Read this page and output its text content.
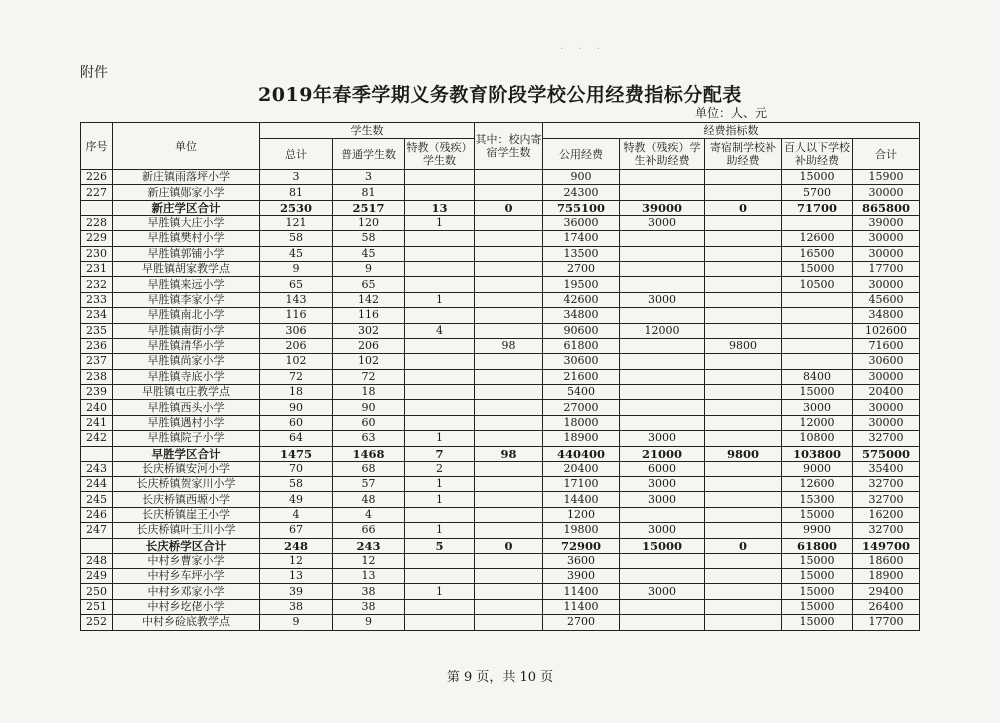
· · ·
附件
2019年春季学期义务教育阶段学校公用经费指标分配表
单位：人、元
序号	单位	学生数			其中：校内寄宿学生数	经费指标数				
		总计	普通学生数	特教（残疾）学生数		公用经费	特教（残疾）学生补助经费	寄宿制学校补助经费	百人以下学校补助经费	合计
226	新庄镇雨落坪小学	3	3			900			15000	15900
227	新庄镇郧家小学	81	81			24300			5700	30000
	新庄学区合计	2530	2517	13	0	755100	39000	0	71700	865800
228	早胜镇大庄小学	121	120	1		36000	3000			39000
229	早胜镇樊村小学	58	58			17400			12600	30000
230	早胜镇郭铺小学	45	45			13500			16500	30000
231	早胜镇胡家教学点	9	9			2700			15000	17700
232	早胜镇来远小学	65	65			19500			10500	30000
233	早胜镇李家小学	143	142	1		42600	3000			45600
234	早胜镇南北小学	116	116			34800				34800
235	早胜镇南街小学	306	302	4		90600	12000			102600
236	早胜镇清华小学	206	206		98	61800		9800		71600
237	早胜镇尚家小学	102	102			30600				30600
238	早胜镇寺底小学	72	72			21600			8400	30000
239	早胜镇屯庄教学点	18	18			5400			15000	20400
240	早胜镇西头小学	90	90			27000			3000	30000
241	早胜镇遇村小学	60	60			18000			12000	30000
242	早胜镇院子小学	64	63	1		18900	3000		10800	32700
	早胜学区合计	1475	1468	7	98	440400	21000	9800	103800	575000
243	长庆桥镇安河小学	70	68	2		20400	6000		9000	35400
244	长庆桥镇贺家川小学	58	57	1		17100	3000		12600	32700
245	长庆桥镇西塬小学	49	48	1		14400	3000		15300	32700
246	长庆桥镇崖王小学	4	4			1200			15000	16200
247	长庆桥镇叶王川小学	67	66	1		19800	3000		9900	32700
	长庆桥学区合计	248	243	5	0	72900	15000	0	61800	149700
248	中村乡曹家小学	12	12			3600			15000	18600
249	中村乡车坪小学	13	13			3900			15000	18900
250	中村乡邓家小学	39	38	1		11400	3000		15000	29400
251	中村乡圪佬小学	38	38			11400			15000	26400
252	中村乡硷底教学点	9	9			2700			15000	17700
第 9 页，共 10 页
